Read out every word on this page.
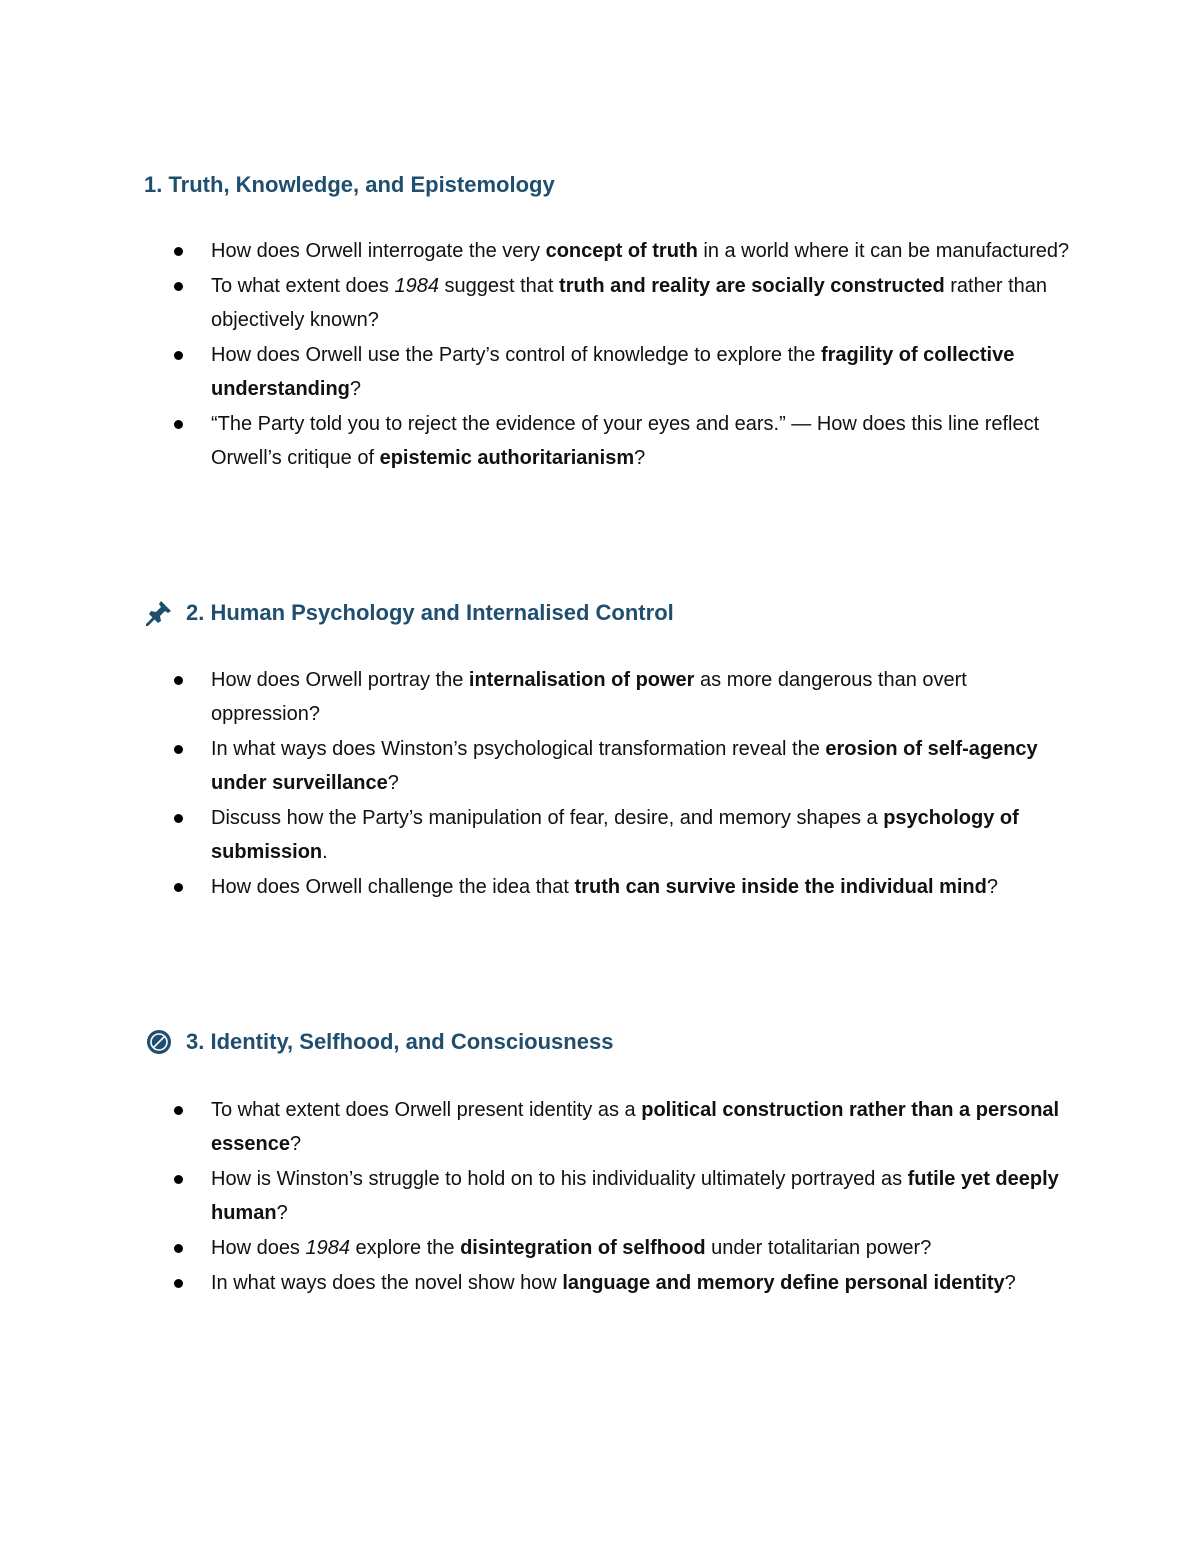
1. Truth, Knowledge, and Epistemology
How does Orwell interrogate the very concept of truth in a world where it can be manufactured?
To what extent does 1984 suggest that truth and reality are socially constructed rather than objectively known?
How does Orwell use the Party’s control of knowledge to explore the fragility of collective understanding?
“The Party told you to reject the evidence of your eyes and ears.” — How does this line reflect Orwell’s critique of epistemic authoritarianism?
2. Human Psychology and Internalised Control
How does Orwell portray the internalisation of power as more dangerous than overt oppression?
In what ways does Winston’s psychological transformation reveal the erosion of self-agency under surveillance?
Discuss how the Party’s manipulation of fear, desire, and memory shapes a psychology of submission.
How does Orwell challenge the idea that truth can survive inside the individual mind?
3. Identity, Selfhood, and Consciousness
To what extent does Orwell present identity as a political construction rather than a personal essence?
How is Winston’s struggle to hold on to his individuality ultimately portrayed as futile yet deeply human?
How does 1984 explore the disintegration of selfhood under totalitarian power?
In what ways does the novel show how language and memory define personal identity?
